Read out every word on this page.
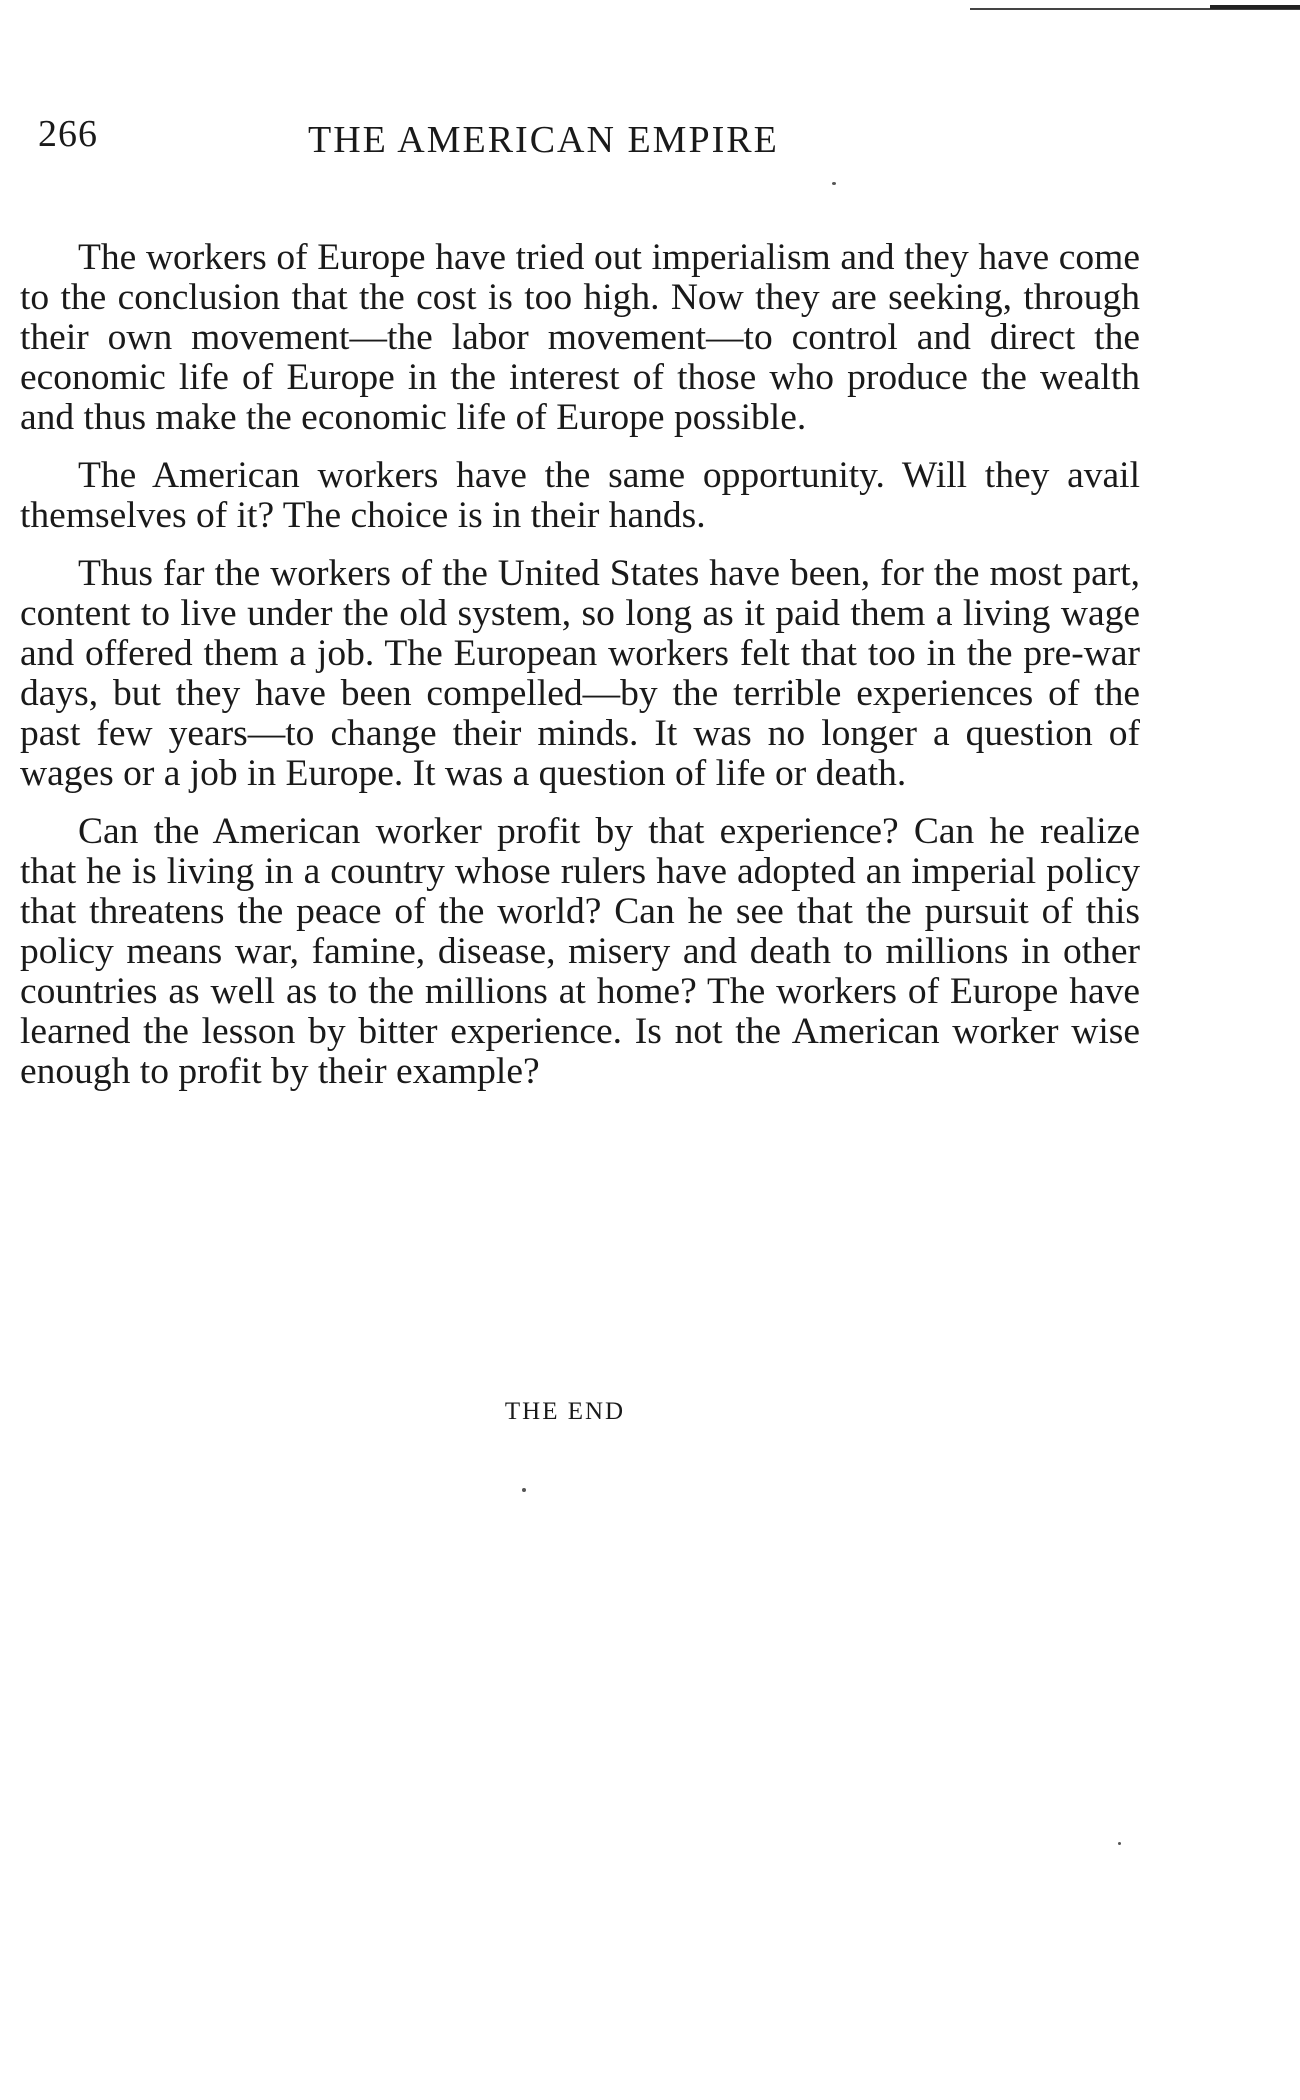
266	THE AMERICAN EMPIRE

The workers of Europe have tried out imperialism and they have come to the conclusion that the cost is too high. Now they are seeking, through their own movement—the labor movement—to control and direct the economic life of Europe in the interest of those who produce the wealth and thus make the economic life of Europe possible.

The American workers have the same opportunity. Will they avail themselves of it? The choice is in their hands.

Thus far the workers of the United States have been, for the most part, content to live under the old system, so long as it paid them a living wage and offered them a job. The European workers felt that too in the pre-war days, but they have been compelled—by the terrible experiences of the past few years—to change their minds. It was no longer a question of wages or a job in Europe. It was a question of life or death.

Can the American worker profit by that experience? Can he realize that he is living in a country whose rulers have adopted an imperial policy that threatens the peace of the world? Can he see that the pursuit of this policy means war, famine, disease, misery and death to millions in other countries as well as to the millions at home? The workers of Europe have learned the lesson by bitter experience. Is not the American worker wise enough to profit by their example?

THE END
